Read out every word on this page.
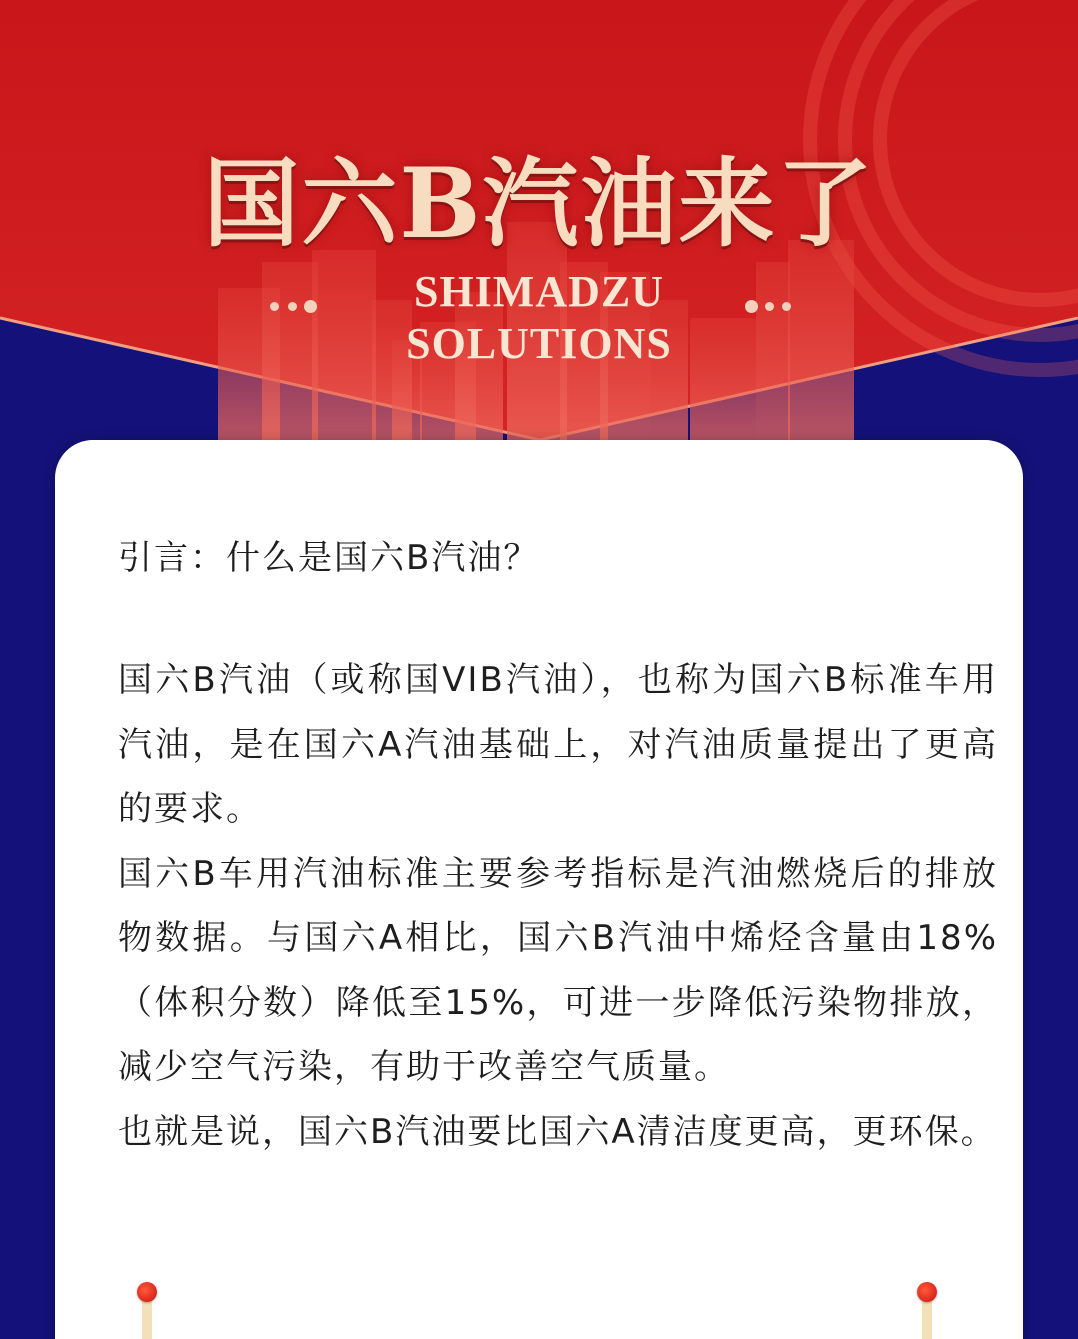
国六B汽油来了
SHIMADZU
SOLUTIONS
引言：什么是国六B汽油？

国六B汽油（或称国VIB汽油），也称为国六B标准车用汽油，是在国六A汽油基础上，对汽油质量提出了更高的要求。

国六B车用汽油标准主要参考指标是汽油燃烧后的排放物数据。与国六A相比，国六B汽油中烯烃含量由18%（体积分数）降低至15%，可进一步降低污染物排放，减少空气污染，有助于改善空气质量。

也就是说，国六B汽油要比国六A清洁度更高，更环保。
